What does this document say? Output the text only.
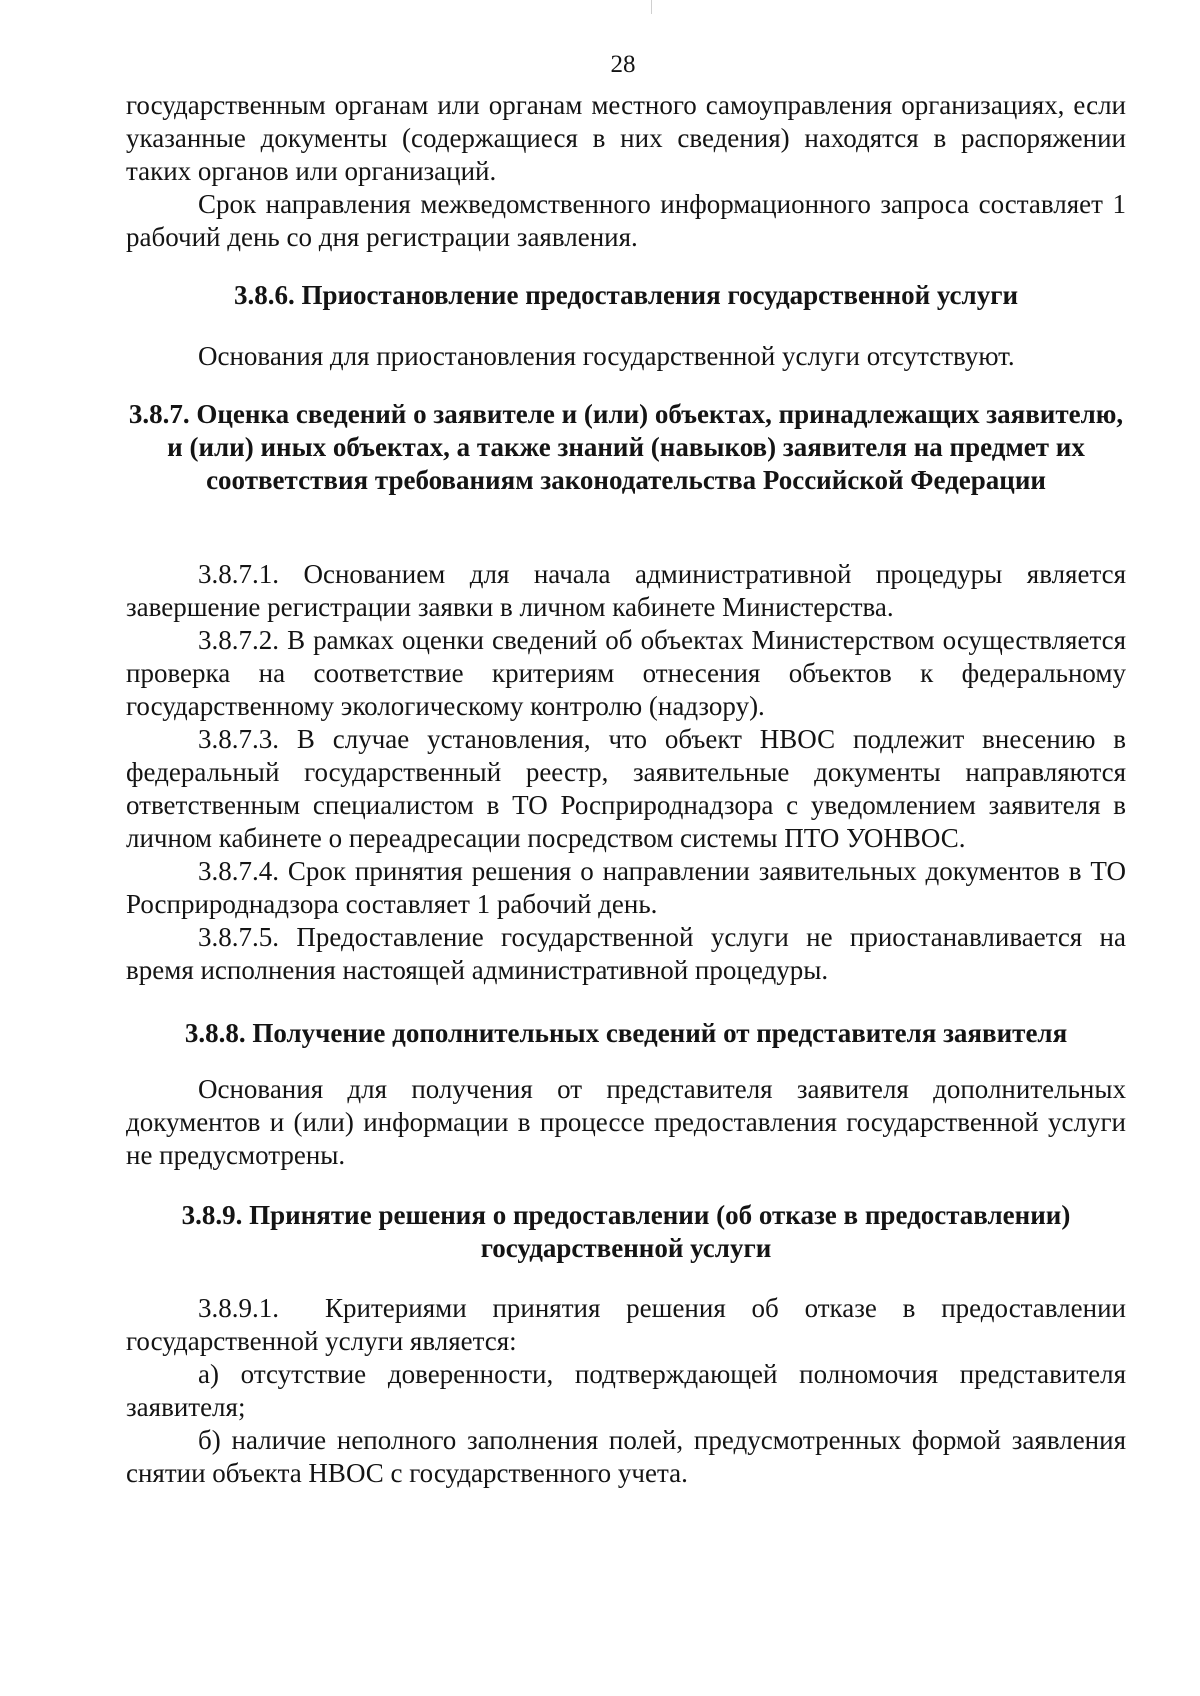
28

государственным органам или органам местного самоуправления организациях, если указанные документы (содержащиеся в них сведения) находятся в распоряжении таких органов или организаций.

Срок направления межведомственного информационного запроса составляет 1 рабочий день со дня регистрации заявления.

3.8.6. Приостановление предоставления государственной услуги

Основания для приостановления государственной услуги отсутствуют.

3.8.7. Оценка сведений о заявителе и (или) объектах, принадлежащих заявителю, и (или) иных объектах, а также знаний (навыков) заявителя на предмет их соответствия требованиям законодательства Российской Федерации

3.8.7.1. Основанием для начала административной процедуры является завершение регистрации заявки в личном кабинете Министерства.

3.8.7.2. В рамках оценки сведений об объектах Министерством осуществляется проверка на соответствие критериям отнесения объектов к федеральному государственному экологическому контролю (надзору).

3.8.7.3. В случае установления, что объект НВОС подлежит внесению в федеральный государственный реестр, заявительные документы направляются ответственным специалистом в ТО Росприроднадзора с уведомлением заявителя в личном кабинете о переадресации посредством системы ПТО УОНВОС.

3.8.7.4. Срок принятия решения о направлении заявительных документов в ТО Росприроднадзора составляет 1 рабочий день.

3.8.7.5. Предоставление государственной услуги не приостанавливается на время исполнения настоящей административной процедуры.

3.8.8. Получение дополнительных сведений от представителя заявителя

Основания для получения от представителя заявителя дополнительных документов и (или) информации в процессе предоставления государственной услуги не предусмотрены.

3.8.9. Принятие решения о предоставлении (об отказе в предоставлении) государственной услуги

3.8.9.1. Критериями принятия решения об отказе в предоставлении государственной услуги является:

а) отсутствие доверенности, подтверждающей полномочия представителя заявителя;

б) наличие неполного заполнения полей, предусмотренных формой заявления снятии объекта НВОС с государственного учета.
